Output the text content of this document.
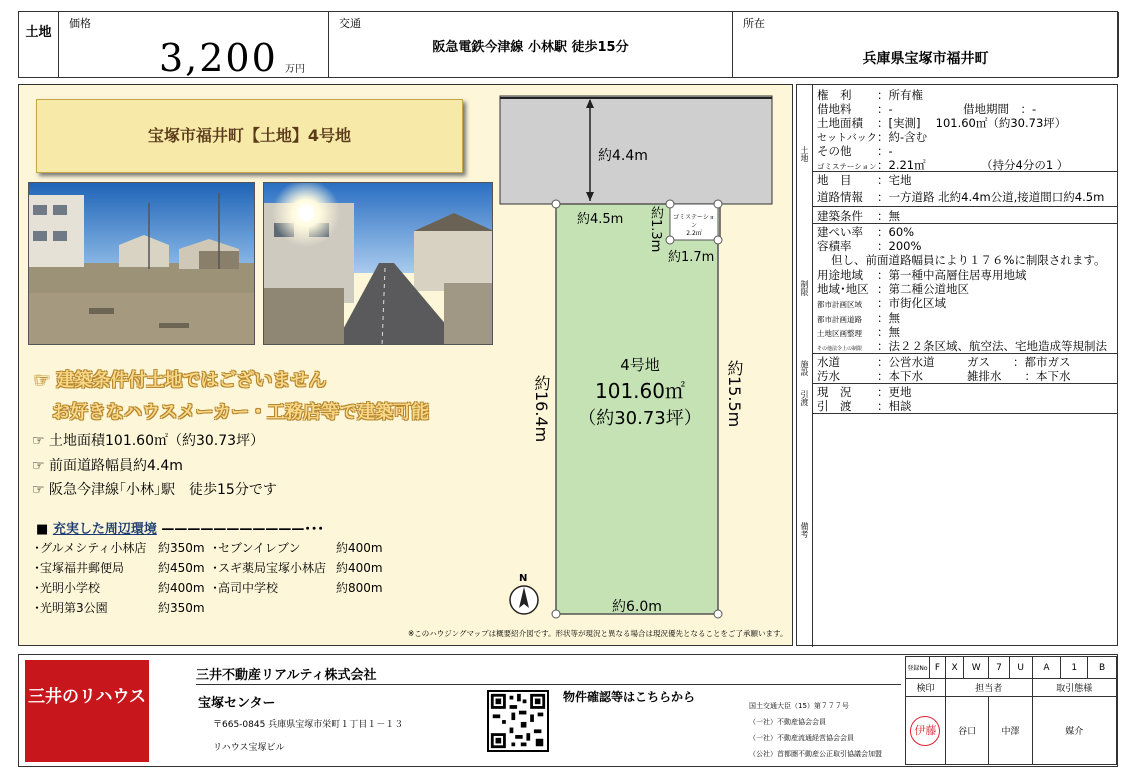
土地
価格
3,200 万円
交通
阪急電鉄今津線 小林駅 徒歩15分
所在
兵庫県宝塚市福井町
宝塚市福井町【土地】4号地
☞ 建築条件付土地ではございません
お好きなハウスメーカー・工務店等で建築可能
☞ 土地面積101.60㎡（約30.73坪）
☞ 前面道路幅員約4.4m
☞ 阪急今津線｢小林｣駅　徒歩15分です
■ 充実した周辺環境 ———————————･･･
･グルメシティ小林店 約350m
･宝塚福井郵便局	約450m
･光明小学校	約400m
･光明第3公園	約350m
･セブンイレブン	約400m
･スギ薬局宝塚小林店 約400m
･高司中学校	約800m
※このハウジングマップは概要紹介図です。形状等が現況と異なる場合は現況優先となることをご了承願います。
約4.4m
約4.5m 約1.3m	ゴミステーション
2.2㎡
約1.7m
約16.4m	約15.5m
4号地
101.60㎡
（約30.73坪）
約6.0m
N
土地
制限
施設
引渡
備考
権　利 ：所有権
借地料 ：-	借地期間　：-
土地面積 ：[実測]　 101.60㎡（約30.73坪）
セットバック：約-含む
その他 ：-
ゴミステーション：2.21㎡	（持分4分の1 ）
地　目 ：宅地
道路情報 ：一方道路 北約4.4m公道,接道間口約4.5m
建築条件 ：無
建ぺい率 ：60%
容積率 ：200%
但し、前面道路幅員により１７６%に制限されます。
用途地域 ：第一種中高層住居専用地域
地域･地区 ：第二種公道地区
都市計画区域 ：市街化区域
都市計画道路 ：無
土地区画整理 ：無
その他法令上の制限 ：法２２条区域、航空法、宅地造成等規制法
水道	：公営水道	ガス　　：都市ガス
汚水	：本下水	雑排水　　：本下水
現　況 ：更地
引　渡 ：相談
三井のリハウス
三井不動産リアルティ株式会社
宝塚センター
〒665-0845 兵庫県宝塚市栄町１丁目１－１３
リハウス宝塚ビル
物件確認等はこちらから
国土交通大臣（15）第７７７号
（一社）不動産協会会員
（一社）不動産流通経営協会会員
（公社）首都圏不動産公正取引協議会加盟
登録No	F	X	W	7	U	A	1	B
検印		担当者				取引態様		
伊藤		谷口		中澤		媒介		
